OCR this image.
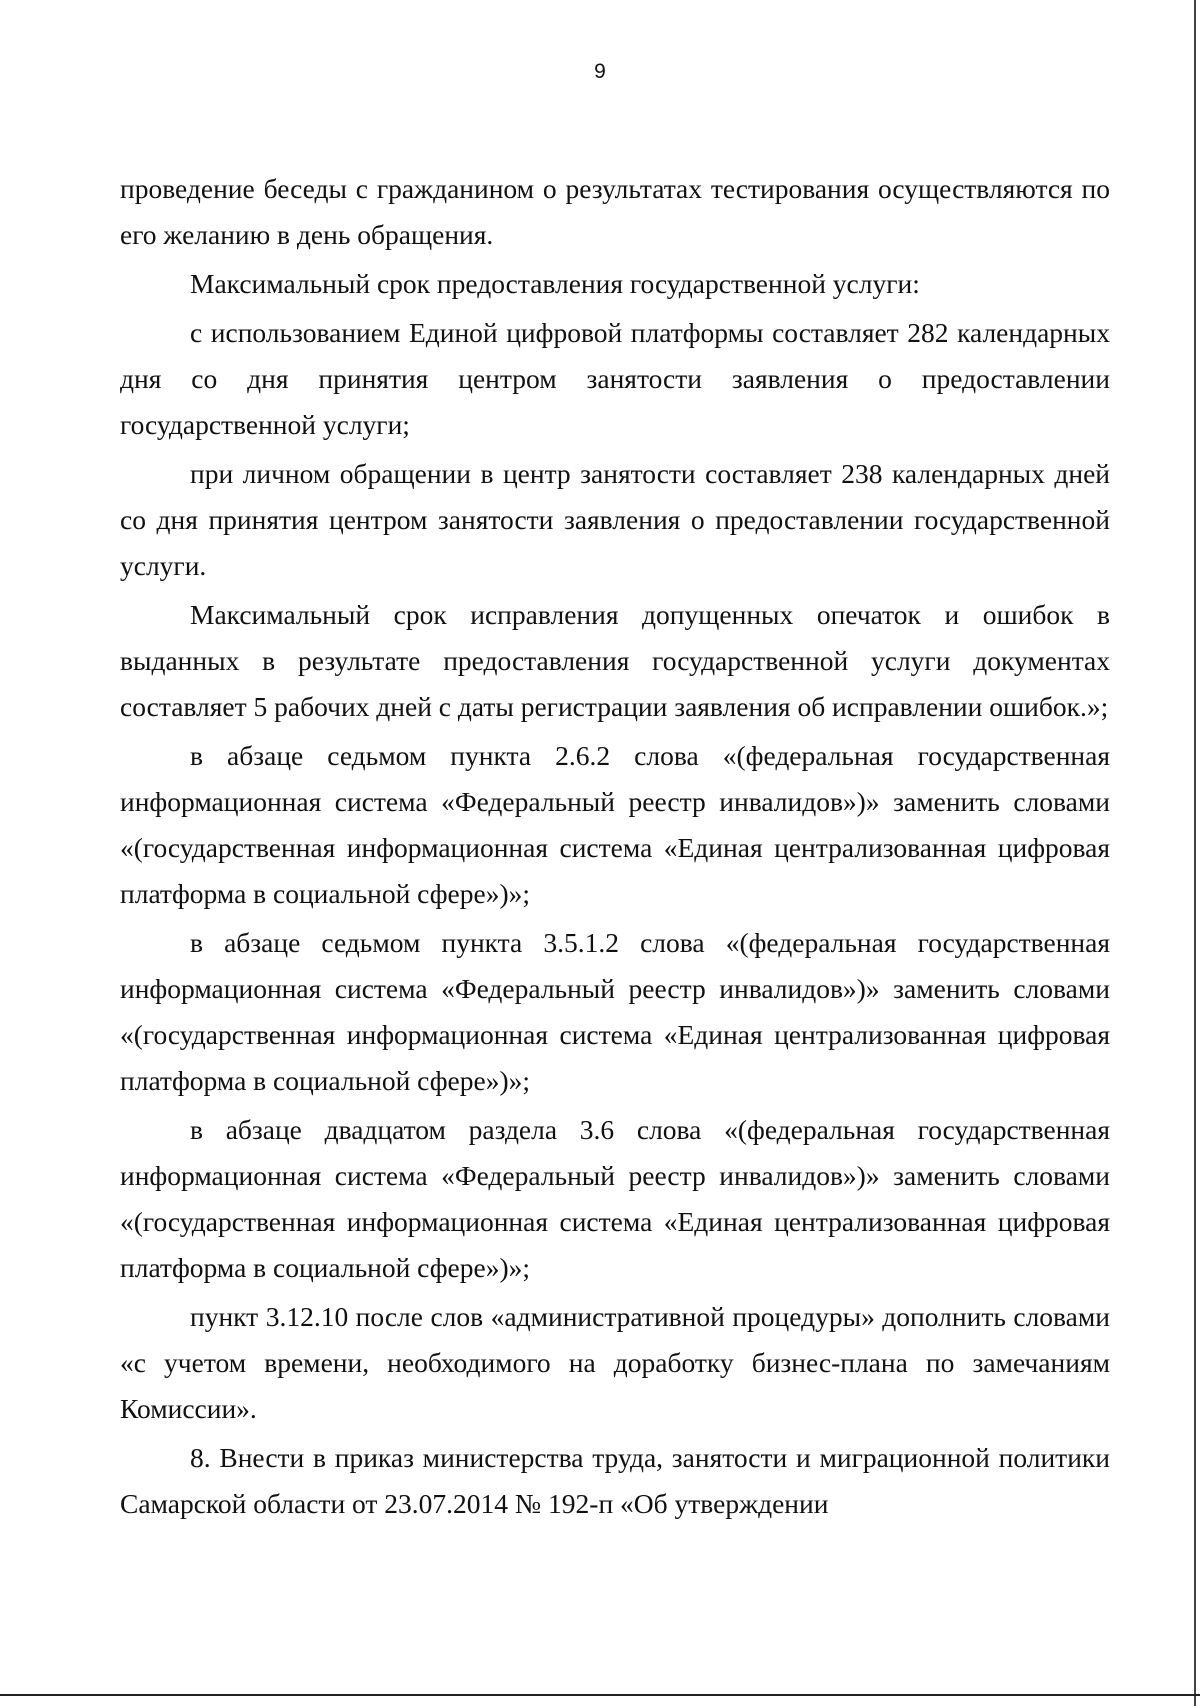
9

проведение беседы с гражданином о результатах тестирования осуществляются по его желанию в день обращения.

Максимальный срок предоставления государственной услуги:

с использованием Единой цифровой платформы составляет 282 календарных дня со дня принятия центром занятости заявления о предоставлении государственной услуги;

при личном обращении в центр занятости составляет 238 календарных дней со дня принятия центром занятости заявления о предоставлении государственной услуги.

Максимальный срок исправления допущенных опечаток и ошибок в выданных в результате предоставления государственной услуги документах составляет 5 рабочих дней с даты регистрации заявления об исправлении ошибок.»;

в абзаце седьмом пункта 2.6.2 слова «(федеральная государственная информационная система «Федеральный реестр инвалидов»)» заменить словами «(государственная информационная система «Единая централизованная цифровая платформа в социальной сфере»)»;

в абзаце седьмом пункта 3.5.1.2 слова «(федеральная государственная информационная система «Федеральный реестр инвалидов»)» заменить словами «(государственная информационная система «Единая централизованная цифровая платформа в социальной сфере»)»;

в абзаце двадцатом раздела 3.6 слова «(федеральная государственная информационная система «Федеральный реестр инвалидов»)» заменить словами «(государственная информационная система «Единая централизованная цифровая платформа в социальной сфере»)»;

пункт 3.12.10 после слов «административной процедуры» дополнить словами «с учетом времени, необходимого на доработку бизнес-плана по замечаниям Комиссии».

8. Внести в приказ министерства труда, занятости и миграционной политики Самарской области от 23.07.2014 № 192-п «Об утверждении
